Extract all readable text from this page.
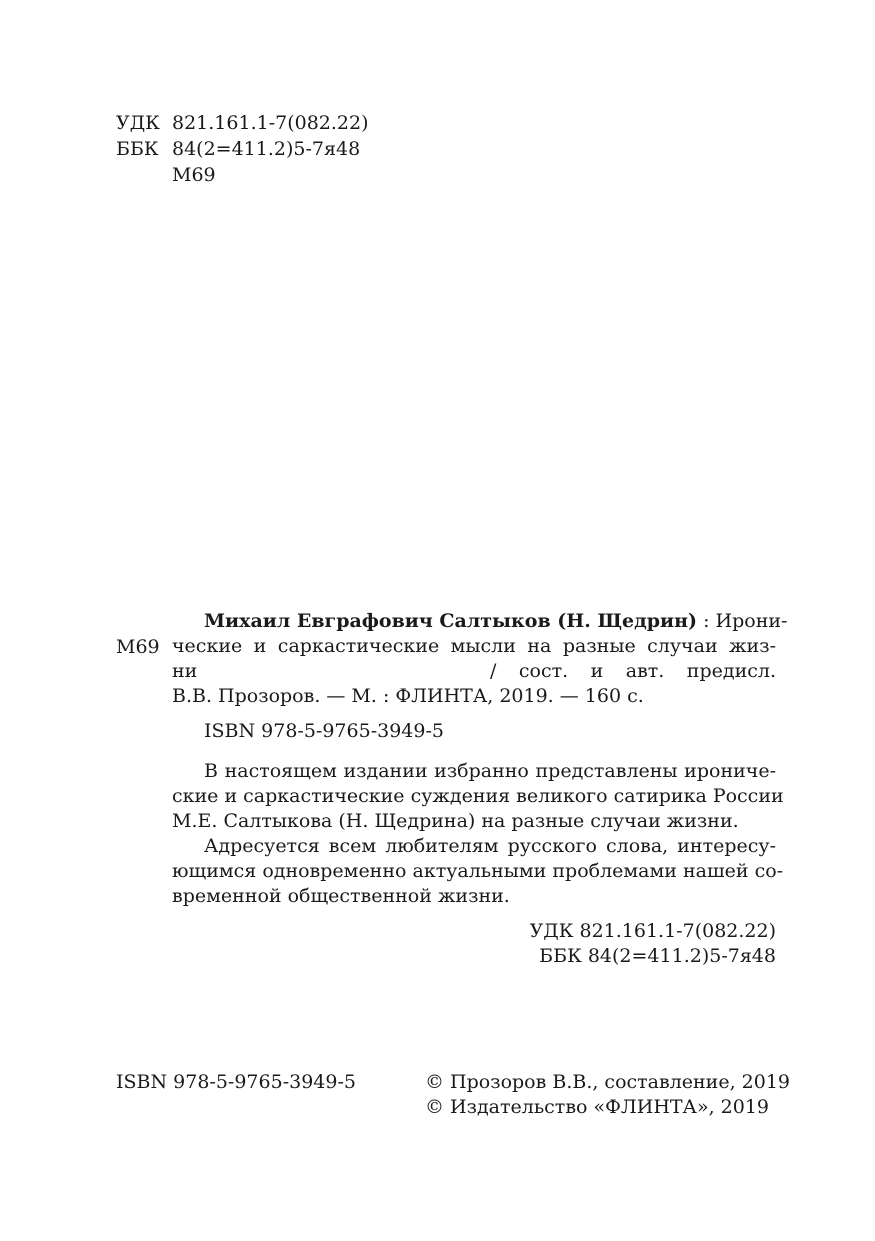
УДК 821.161.1-7(082.22)
ББК 84(2=411.2)5-7я48
М69
М69
Михаил Евграфович Салтыков (Н. Щедрин) : Ирони-
ческие и саркастические мысли на разные случаи жиз-
ни	/ сост. и авт. предисл.
В.В. Прозоров. — М. : ФЛИНТА, 2019. — 160 с.
ISBN 978-5-9765-3949-5
В настоящем издании избранно представлены ирониче-
ские и саркастические суждения великого сатирика России
М.Е. Салтыкова (Н. Щедрина) на разные случаи жизни.
Адресуется всем любителям русского слова, интересу-
ющимся одновременно актуальными проблемами нашей со-
временной общественной жизни.
УДК 821.161.1-7(082.22)
ББК 84(2=411.2)5-7я48
ISBN 978-5-9765-3949-5	© Прозоров В.В., составление, 2019
© Издательство «ФЛИНТА», 2019
